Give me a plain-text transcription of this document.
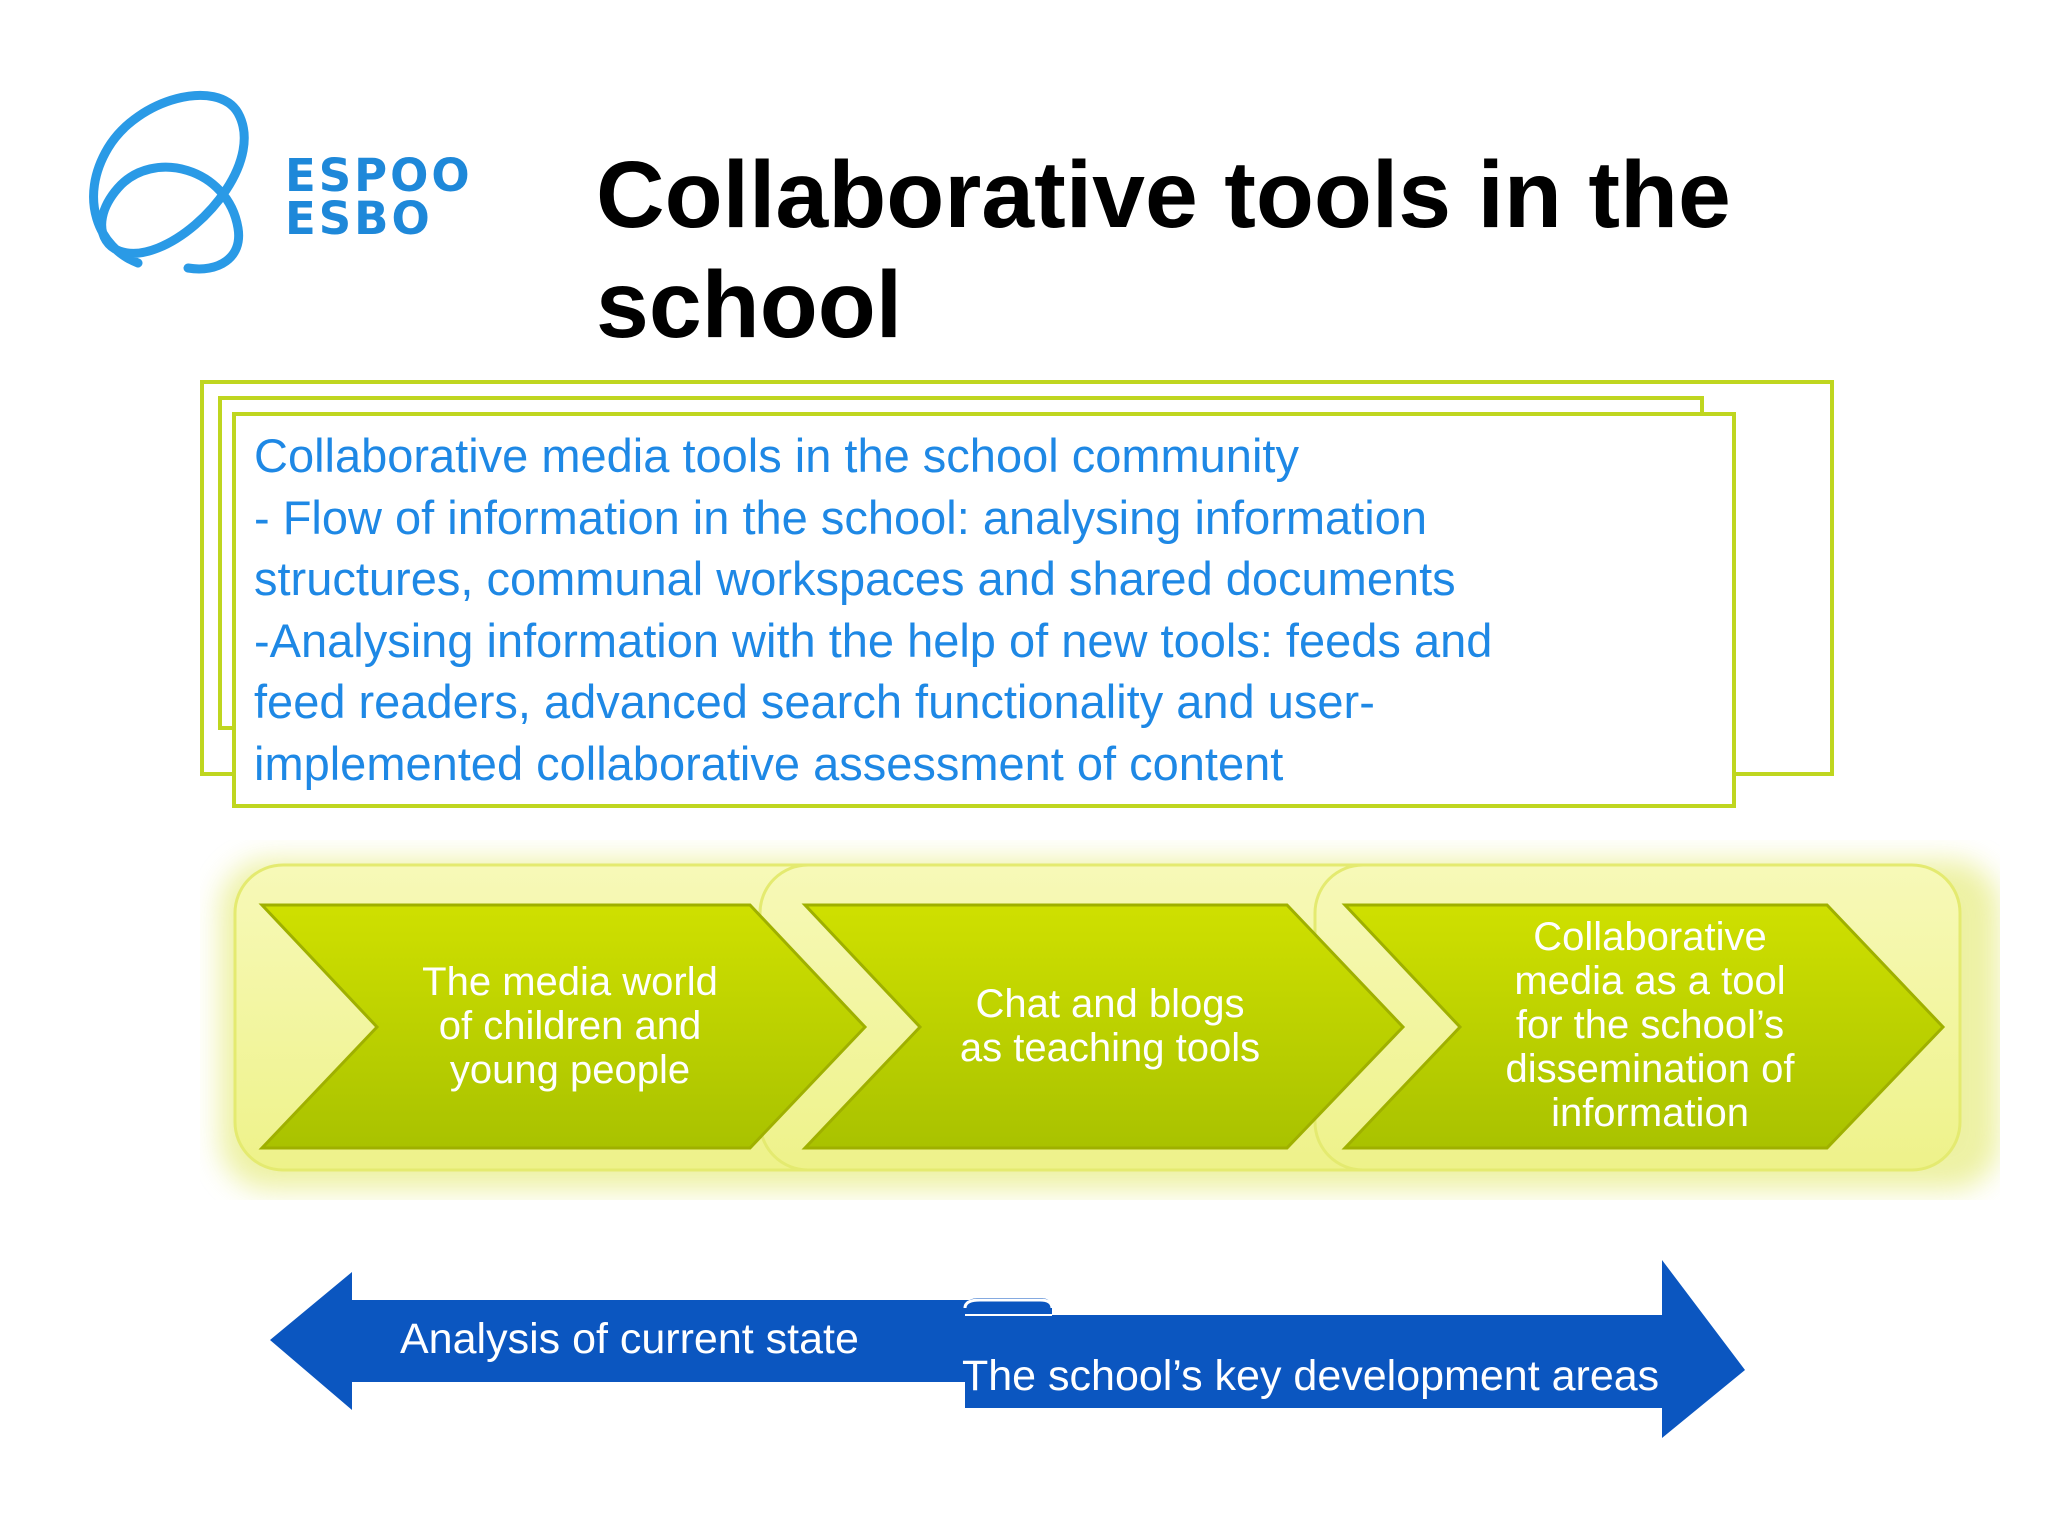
ESPOO
ESBO Collaborative tools in the school
Collaborative media tools in the school community
- Flow of information in the school: analysing information
structures, communal workspaces and shared documents
-Analysing information with the help of new tools: feeds and
feed readers, advanced search functionality and user-
implemented collaborative assessment of content
The media world
of children and
young people
Chat and blogs
as teaching tools
Collaborative
media as a tool
for the school’s
dissemination of
information
Analysis of current state
The school’s key development areas
